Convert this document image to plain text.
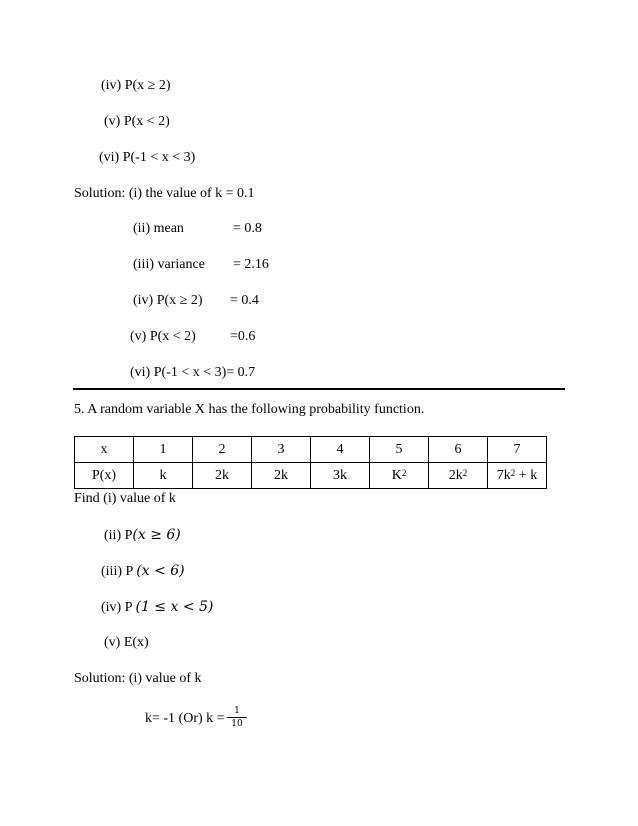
(iv) P(x ≥ 2)
(v) P(x < 2)
(vi) P(-1 < x < 3)
Solution: (i) the value of k = 0.1
(ii) mean	= 0.8
(iii) variance = 2.16
(iv) P(x ≥ 2) = 0.4
(v) P(x < 2) =0.6
(vi) P(-1 < x < 3)= 0.7
5. A random variable X has the following probability function.
x	1	2	3	4	5	6	7
P(x)	k	2k	2k	3k	$K^2$	$2k^2$	$7k^2 + k$
Find (i) value of k
(ii) P(x ≥ 6)
(iii) P (x < 6)
(iv) P (1 ≤ x < 5)
(v) E(x)
Solution: (i) value of k
k= -1 (Or) k =	1
10
